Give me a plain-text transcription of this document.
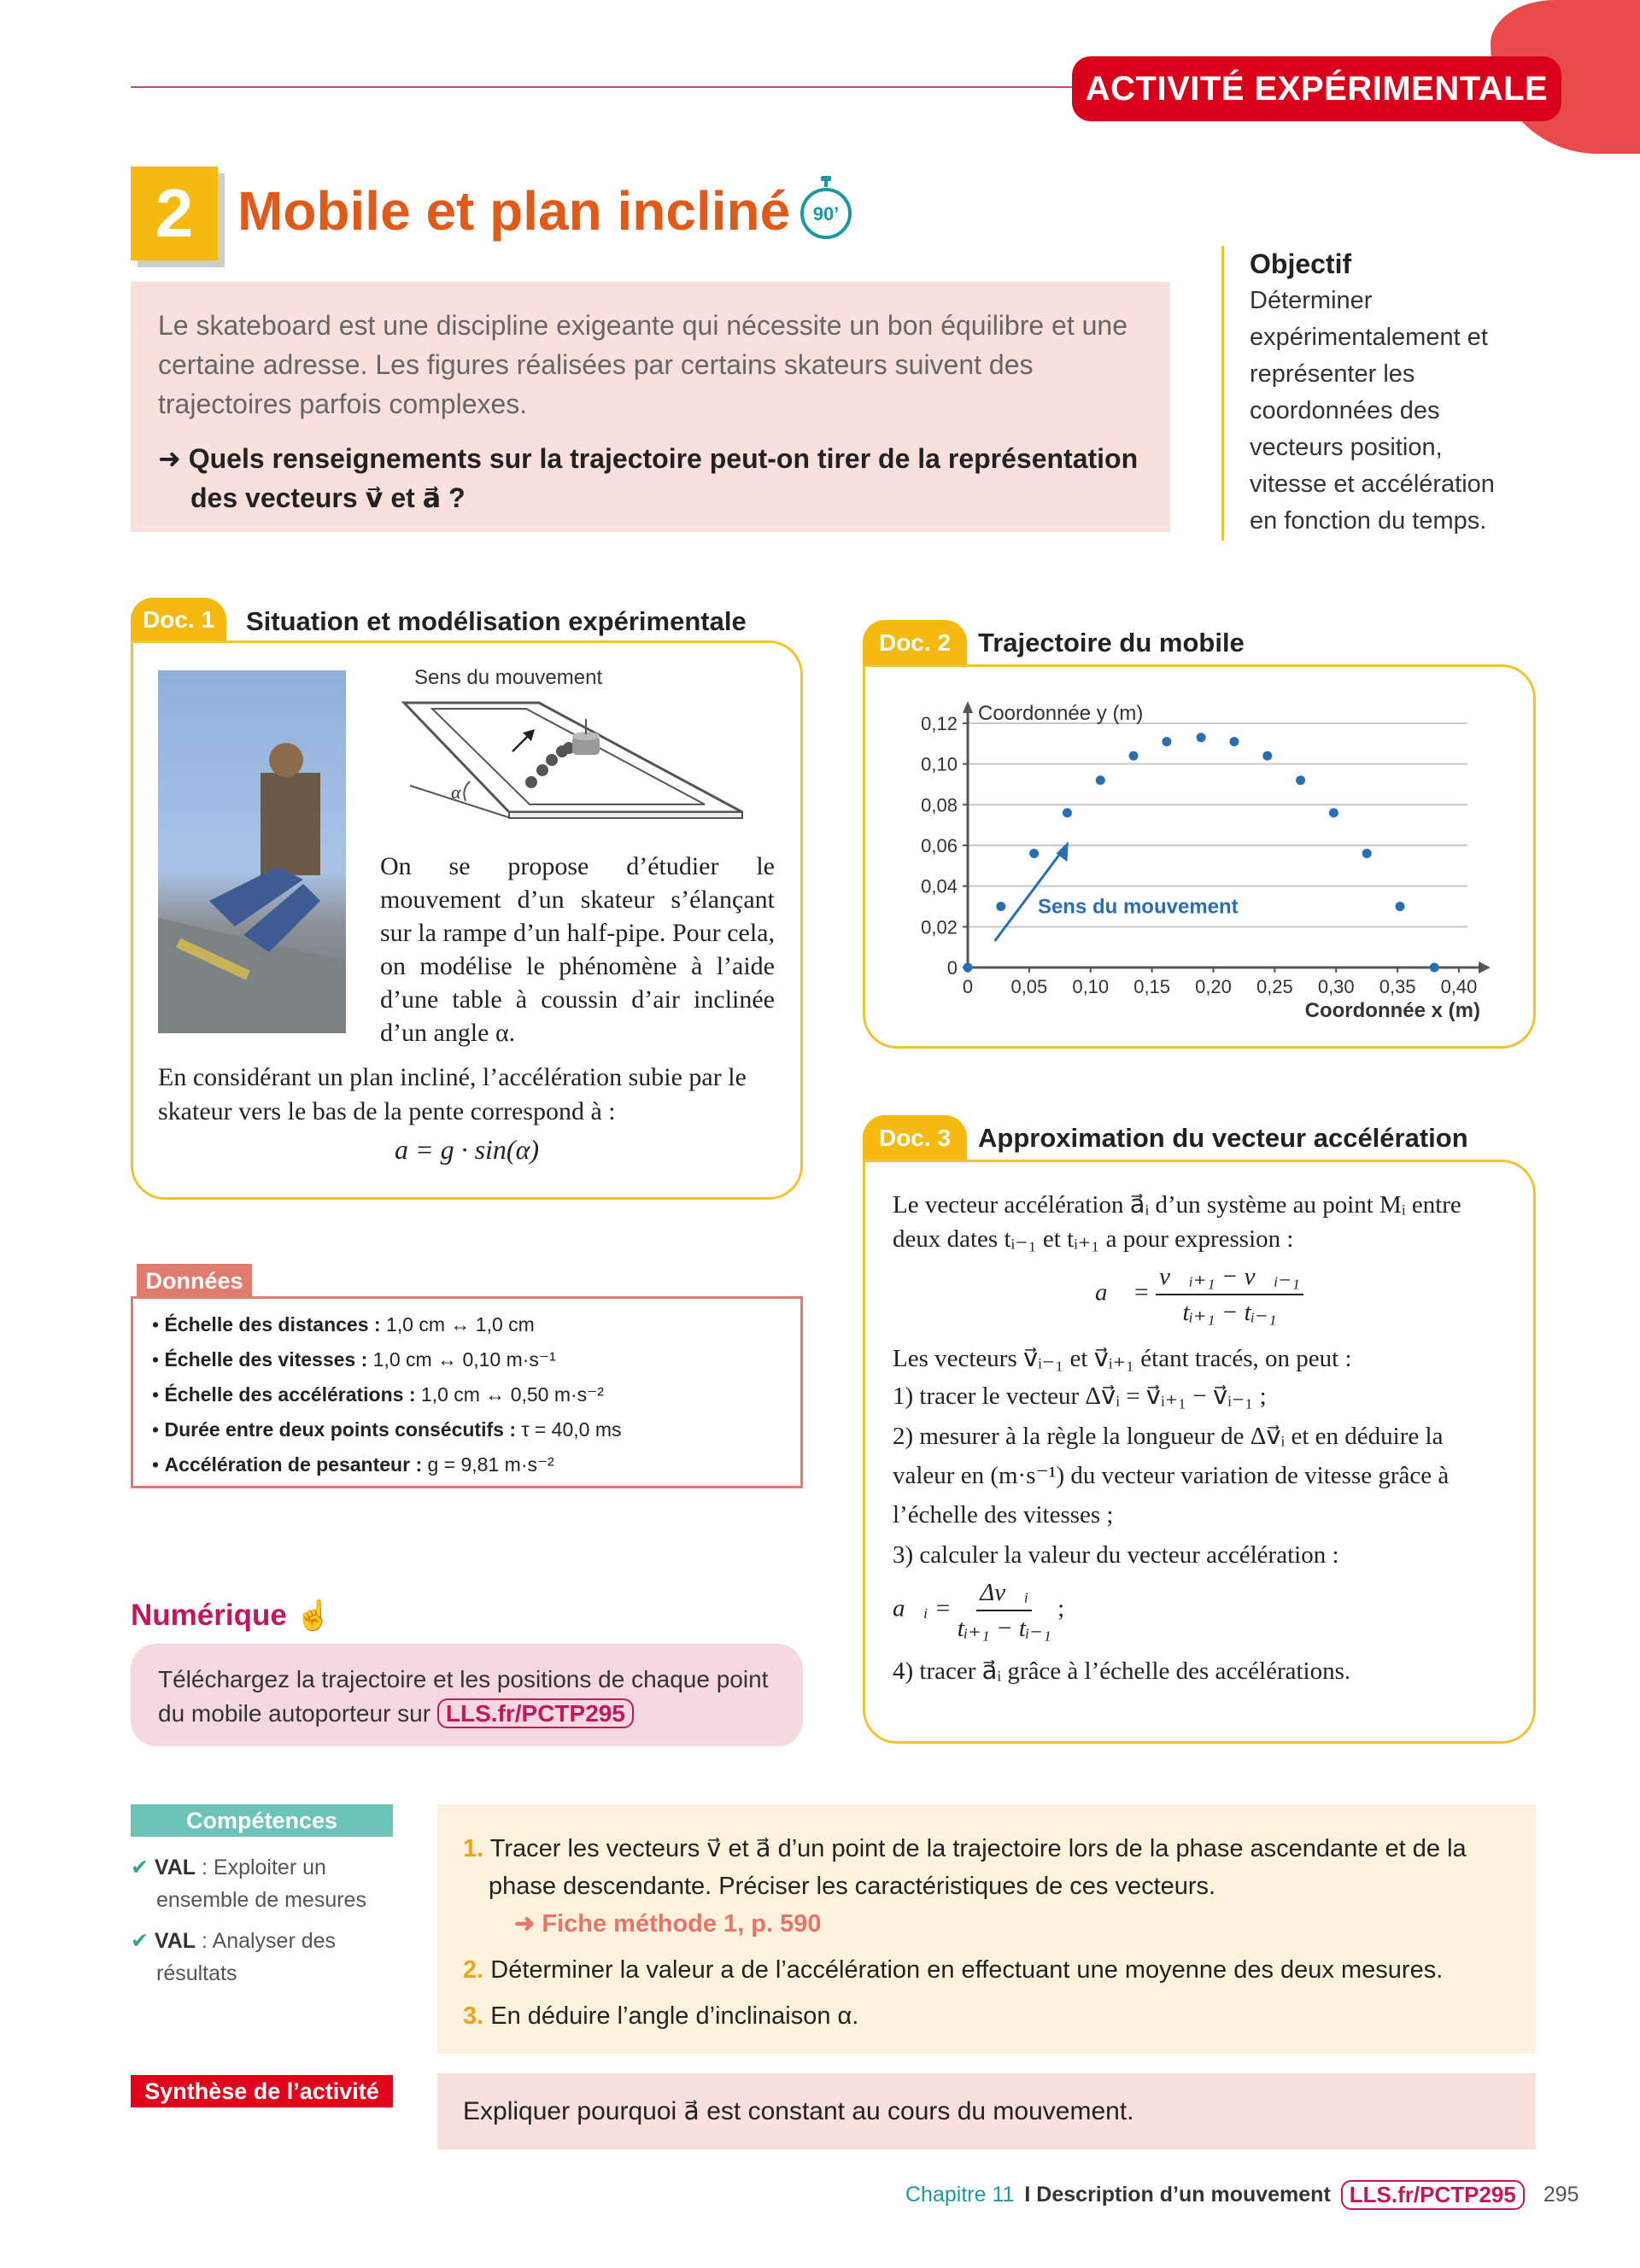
ACTIVITÉ EXPÉRIMENTALE
2 Mobile et plan incliné 90’
Le skateboard est une discipline exigeante qui nécessite un bon équilibre et une certaine adresse. Les figures réalisées par certains skateurs suivent des trajectoires parfois complexes.
➜ Quels renseignements sur la trajectoire peut-on tirer de la représentation des vecteurs v⃗ et a⃗ ?
Objectif
Déterminer expérimentalement et représenter les coordonnées des vecteurs position, vitesse et accélération en fonction du temps.
Doc. 1	Situation et modélisation expérimentale
Sens du mouvement
α
On se propose d’étudier le mouvement d’un skateur s’élançant sur la rampe d’un half-pipe. Pour cela, on modélise le phénomène à l’aide d’une table à coussin d’air inclinée d’un angle α.
En considérant un plan incliné, l’accélération subie par le skateur vers le bas de la pente correspond à :
a = g · sin(α)
Données
• Échelle des distances : 1,0 cm ↔ 1,0 cm
• Échelle des vitesses : 1,0 cm ↔ 0,10 m·s⁻¹
• Échelle des accélérations : 1,0 cm ↔ 0,50 m·s⁻²
• Durée entre deux points consécutifs : τ = 40,0 ms
• Accélération de pesanteur : g = 9,81 m·s⁻²
Numérique ☝
Téléchargez la trajectoire et les positions de chaque point du mobile autoporteur sur LLS.fr/PCTP295
Doc. 2	Trajectoire du mobile
0
0,02
0,04
0,06
0,08
0,10
0,12
0 0,05 0,10 0,15 0,20 0,25 0,30 0,35 0,40
Coordonnée y (m)
Coordonnée x (m)
Sens du mouvement
Doc. 3	Approximation du vecteur accélération

Le vecteur accélération a⃗ᵢ d’un système au point Mᵢ entre deux dates tᵢ₋₁ et tᵢ₊₁ a pour expression :

a⃗ = $\frac{\text{v⃗ᵢ₊₁ − v⃗ᵢ₋₁}}{\text{tᵢ₊₁ − tᵢ₋₁}}$

Les vecteurs v⃗ᵢ₋₁ et v⃗ᵢ₊₁ étant tracés, on peut :

1) tracer le vecteur Δv⃗ᵢ = v⃗ᵢ₊₁ − v⃗ᵢ₋₁ ;

2) mesurer à la règle la longueur de Δv⃗ᵢ et en déduire la valeur en (m·s⁻¹) du vecteur variation de vitesse grâce à l’échelle des vitesses ;

3) calculer la valeur du vecteur accélération :

a⃗ᵢ = $\frac{\text{Δv⃗ᵢ}}{\text{tᵢ₊₁ − tᵢ₋₁}}$ ;

4) tracer a⃗ᵢ grâce à l’échelle des accélérations.

Compétences
✔ VAL : Exploiter un ensemble de mesures
✔ VAL : Analyser des résultats
1. Tracer les vecteurs v⃗ et a⃗ d’un point de la trajectoire lors de la phase ascendante et de la phase descendante. Préciser les caractéristiques de ces vecteurs.
➜ Fiche méthode 1, p. 590
2. Déterminer la valeur a de l’accélération en effectuant une moyenne des deux mesures.
3. En déduire l’angle d’inclinaison α.
Synthèse de l’activité
Expliquer pourquoi a⃗ est constant au cours du mouvement.
Chapitre 11 I Description d’un mouvement LLS.fr/PCTP295	295
